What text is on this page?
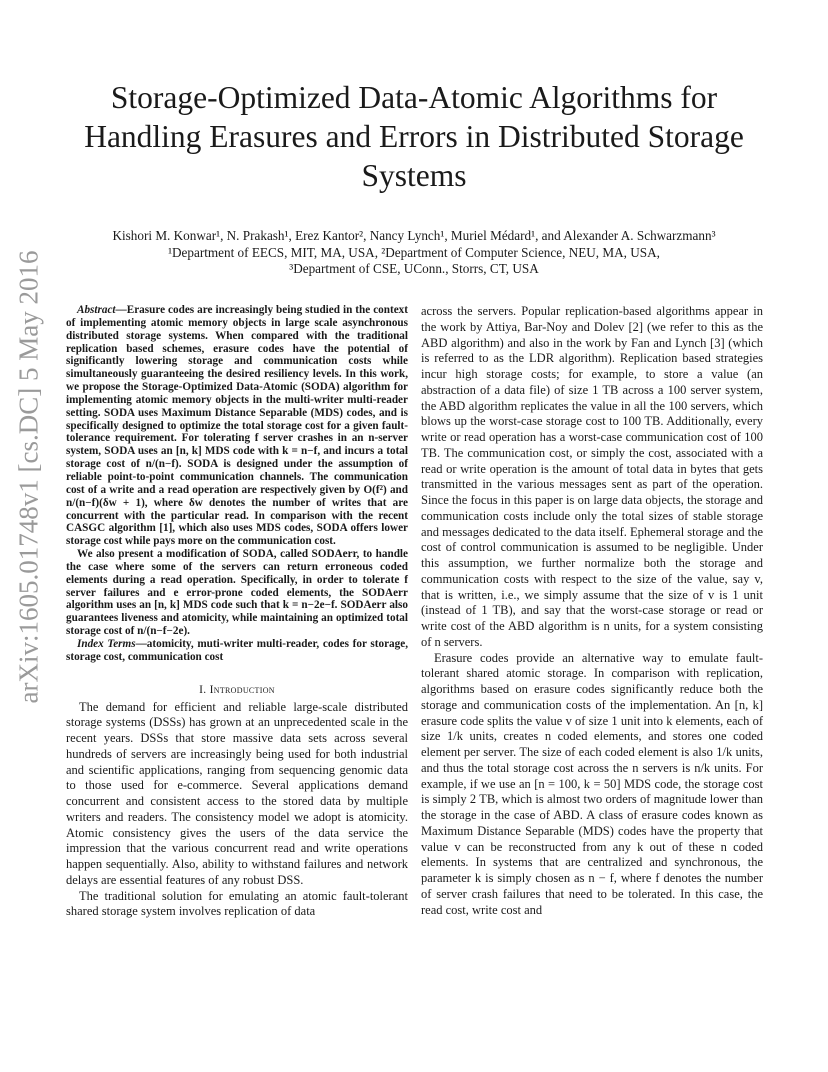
Storage-Optimized Data-Atomic Algorithms for Handling Erasures and Errors in Distributed Storage Systems
Kishori M. Konwar¹, N. Prakash¹, Erez Kantor², Nancy Lynch¹, Muriel Médard¹, and Alexander A. Schwarzmann³
¹Department of EECS, MIT, MA, USA, ²Department of Computer Science, NEU, MA, USA,
³Department of CSE, UConn., Storrs, CT, USA
arXiv:1605.01748v1 [cs.DC] 5 May 2016	Abstract—Erasure codes are increasingly being studied in the context of implementing atomic memory objects in large scale asynchronous distributed storage systems. When compared with the traditional replication based schemes, erasure codes have the potential of significantly lowering storage and communication costs while simultaneously guaranteeing the desired resiliency levels. In this work, we propose the Storage-Optimized Data-Atomic (SODA) algorithm for implementing atomic memory objects in the multi-writer multi-reader setting. SODA uses Maximum Distance Separable (MDS) codes, and is specifically designed to optimize the total storage cost for a given fault-tolerance requirement. For tolerating f server crashes in an n-server system, SODA uses an [n, k] MDS code with k = n−f, and incurs a total storage cost of n/(n−f). SODA is designed under the assumption of reliable point-to-point communication channels. The communication cost of a write and a read operation are respectively given by O(f²) and n/(n−f)(δw + 1), where δw denotes the number of writes that are concurrent with the particular read. In comparison with the recent CASGC algorithm [1], which also uses MDS codes, SODA offers lower storage cost while pays more on the communication cost.

We also present a modification of SODA, called SODAerr, to handle the case where some of the servers can return erroneous coded elements during a read operation. Specifically, in order to tolerate f server failures and e error-prone coded elements, the SODAerr algorithm uses an [n, k] MDS code such that k = n−2e−f. SODAerr also guarantees liveness and atomicity, while maintaining an optimized total storage cost of n/(n−f−2e).

Index Terms—atomicity, muti-writer multi-reader, codes for storage, storage cost, communication cost

I. Introduction

The demand for efficient and reliable large-scale distributed storage systems (DSSs) has grown at an unprecedented scale in the recent years. DSSs that store massive data sets across several hundreds of servers are increasingly being used for both industrial and scientific applications, ranging from sequencing genomic data to those used for e-commerce. Several applications demand concurrent and consistent access to the stored data by multiple writers and readers. The consistency model we adopt is atomicity. Atomic consistency gives the users of the data service the impression that the various concurrent read and write operations happen sequentially. Also, ability to withstand failures and network delays are essential features of any robust DSS.

The traditional solution for emulating an atomic fault-tolerant shared storage system involves replication of data

across the servers. Popular replication-based algorithms appear in the work by Attiya, Bar-Noy and Dolev [2] (we refer to this as the ABD algorithm) and also in the work by Fan and Lynch [3] (which is referred to as the LDR algorithm). Replication based strategies incur high storage costs; for example, to store a value (an abstraction of a data file) of size 1 TB across a 100 server system, the ABD algorithm replicates the value in all the 100 servers, which blows up the worst-case storage cost to 100 TB. Additionally, every write or read operation has a worst-case communication cost of 100 TB. The communication cost, or simply the cost, associated with a read or write operation is the amount of total data in bytes that gets transmitted in the various messages sent as part of the operation. Since the focus in this paper is on large data objects, the storage and communication costs include only the total sizes of stable storage and messages dedicated to the data itself. Ephemeral storage and the cost of control communication is assumed to be negligible. Under this assumption, we further normalize both the storage and communication costs with respect to the size of the value, say v, that is written, i.e., we simply assume that the size of v is 1 unit (instead of 1 TB), and say that the worst-case storage or read or write cost of the ABD algorithm is n units, for a system consisting of n servers.

Erasure codes provide an alternative way to emulate fault-tolerant shared atomic storage. In comparison with replication, algorithms based on erasure codes significantly reduce both the storage and communication costs of the implementation. An [n, k] erasure code splits the value v of size 1 unit into k elements, each of size 1/k units, creates n coded elements, and stores one coded element per server. The size of each coded element is also 1/k units, and thus the total storage cost across the n servers is n/k units. For example, if we use an [n = 100, k = 50] MDS code, the storage cost is simply 2 TB, which is almost two orders of magnitude lower than the storage in the case of ABD. A class of erasure codes known as Maximum Distance Separable (MDS) codes have the property that value v can be reconstructed from any k out of these n coded elements. In systems that are centralized and synchronous, the parameter k is simply chosen as n − f, where f denotes the number of server crash failures that need to be tolerated. In this case, the read cost, write cost and
